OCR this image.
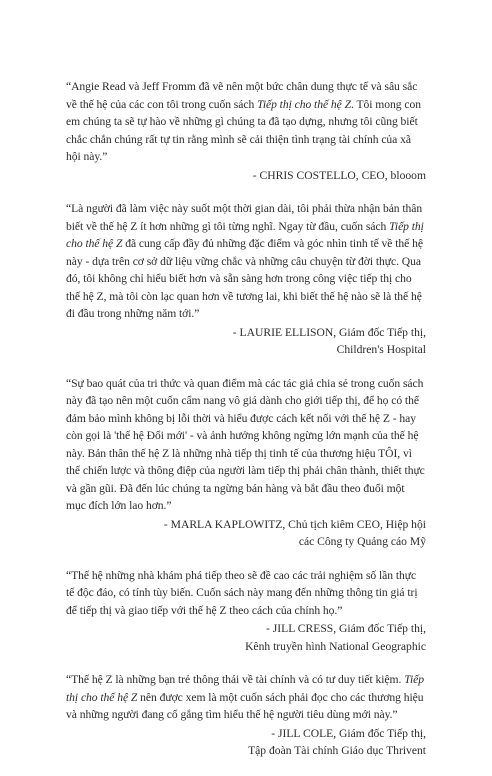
“Angie Read và Jeff Fromm đã vẽ nên một bức chân dung thực tế và sâu sắc về thế hệ của các con tôi trong cuốn sách Tiếp thị cho thế hệ Z. Tôi mong con em chúng ta sẽ tự hào về những gì chúng ta đã tạo dựng, nhưng tôi cũng biết chắc chắn chúng rất tự tin rằng mình sẽ cải thiện tình trạng tài chính của xã hội này.”

- CHRIS COSTELLO, CEO, blooom

“Là người đã làm việc này suốt một thời gian dài, tôi phải thừa nhận bản thân biết về thế hệ Z ít hơn những gì tôi từng nghĩ. Ngay từ đầu, cuốn sách Tiếp thị cho thế hệ Z đã cung cấp đầy đủ những đặc điểm và góc nhìn tinh tế về thế hệ này - dựa trên cơ sở dữ liệu vững chắc và những câu chuyện từ đời thực. Qua đó, tôi không chỉ hiểu biết hơn và sẵn sàng hơn trong công việc tiếp thị cho thế hệ Z, mà tôi còn lạc quan hơn về tương lai, khi biết thế hệ nào sẽ là thế hệ đi đầu trong những năm tới.”

- LAURIE ELLISON, Giám đốc Tiếp thị,
Children's Hospital

“Sự bao quát của tri thức và quan điểm mà các tác giả chia sẻ trong cuốn sách này đã tạo nên một cuốn cẩm nang vô giá dành cho giới tiếp thị, để họ có thể đảm bảo mình không bị lỗi thời và hiểu được cách kết nối với thế hệ Z - hay còn gọi là 'thế hệ Đổi mới' - và ảnh hưởng không ngừng lớn mạnh của thế hệ này. Bản thân thế hệ Z là những nhà tiếp thị tinh tế của thương hiệu TÔI, vì thế chiến lược và thông điệp của người làm tiếp thị phải chân thành, thiết thực và gần gũi. Đã đến lúc chúng ta ngừng bán hàng và bắt đầu theo đuổi một mục đích lớn lao hơn.”

- MARLA KAPLOWITZ, Chủ tịch kiêm CEO, Hiệp hội
các Công ty Quảng cáo Mỹ

“Thế hệ những nhà khám phá tiếp theo sẽ đề cao các trải nghiệm số lần thực tế độc đáo, có tính tùy biến. Cuốn sách này mang đến những thông tin giá trị để tiếp thị và giao tiếp với thế hệ Z theo cách của chính họ.”

- JILL CRESS, Giám đốc Tiếp thị,
Kênh truyền hình National Geographic

“Thế hệ Z là những bạn trẻ thông thái về tài chính và có tư duy tiết kiệm. Tiếp thị cho thế hệ Z nên được xem là một cuốn sách phải đọc cho các thương hiệu và những người đang cố gắng tìm hiểu thế hệ người tiêu dùng mới này.”

- JILL COLE, Giám đốc Tiếp thị,
Tập đoàn Tài chính Giáo dục Thrivent
